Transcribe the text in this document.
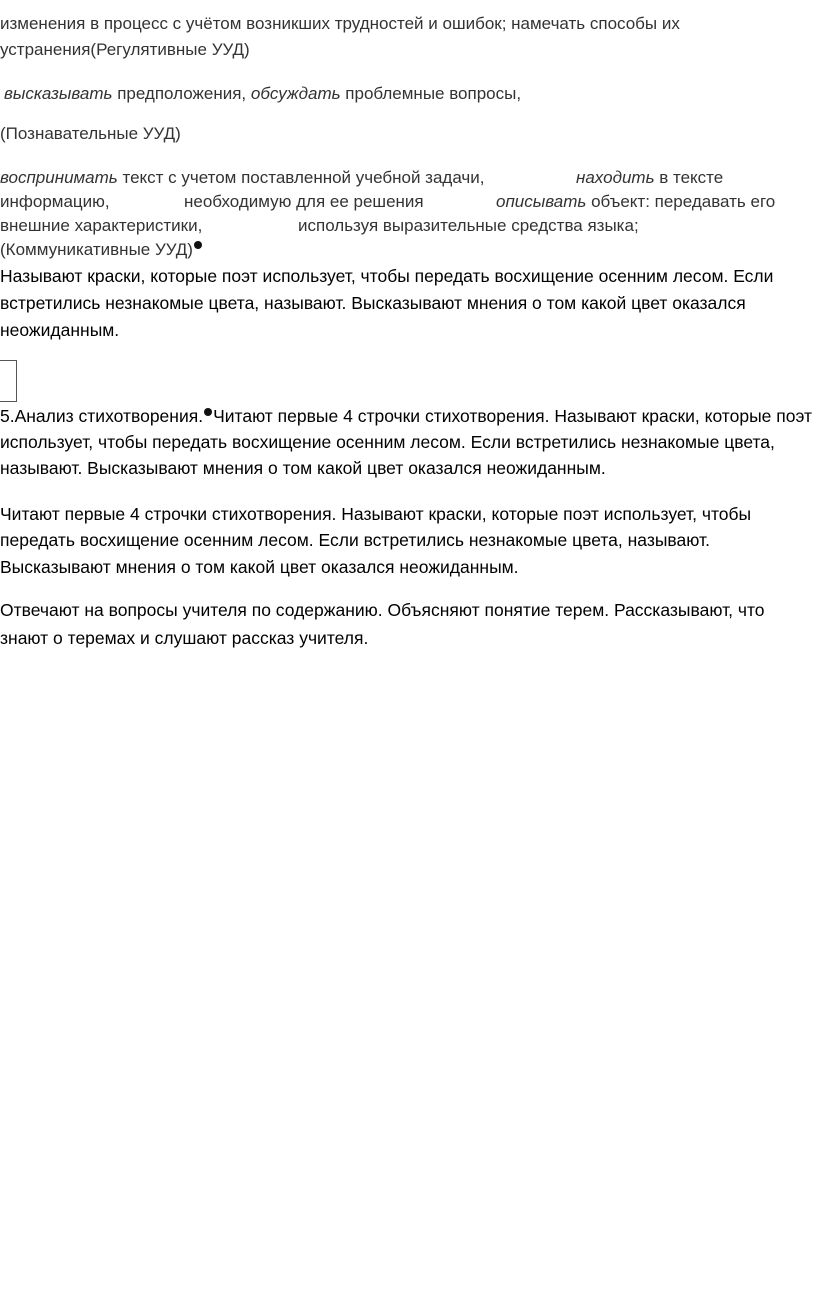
изменения в процесс с учётом возникших трудностей и ошибок; намечать способы их
устранения(Регулятивные УУД)
высказывать предположения, обсуждать проблемные вопросы,
(Познавательные УУД)
воспринимать текст с учетом поставленной учебной задачи,	находить в тексте
информацию,	необходимую для ее решения	описывать объект: передавать его
внешние характеристики,	используя выразительные средства языка;
(Коммуникативные УУД)
Называют краски, которые поэт использует, чтобы передать восхищение осенним лесом. Если
встретились незнакомые цвета, называют. Высказывают мнения о том какой цвет оказался
неожиданным.
5.Анализ стихотворения. Читают первые 4 строчки стихотворения. Называют краски, которые поэт
использует, чтобы передать восхищение осенним лесом. Если встретились незнакомые цвета,
называют. Высказывают мнения о том какой цвет оказался неожиданным.
Читают первые 4 строчки стихотворения. Называют краски, которые поэт использует, чтобы
передать восхищение осенним лесом. Если встретились незнакомые цвета, называют.
Высказывают мнения о том какой цвет оказался неожиданным.
Отвечают на вопросы учителя по содержанию. Объясняют понятие терем. Рассказывают, что
знают о теремах и слушают рассказ учителя.
